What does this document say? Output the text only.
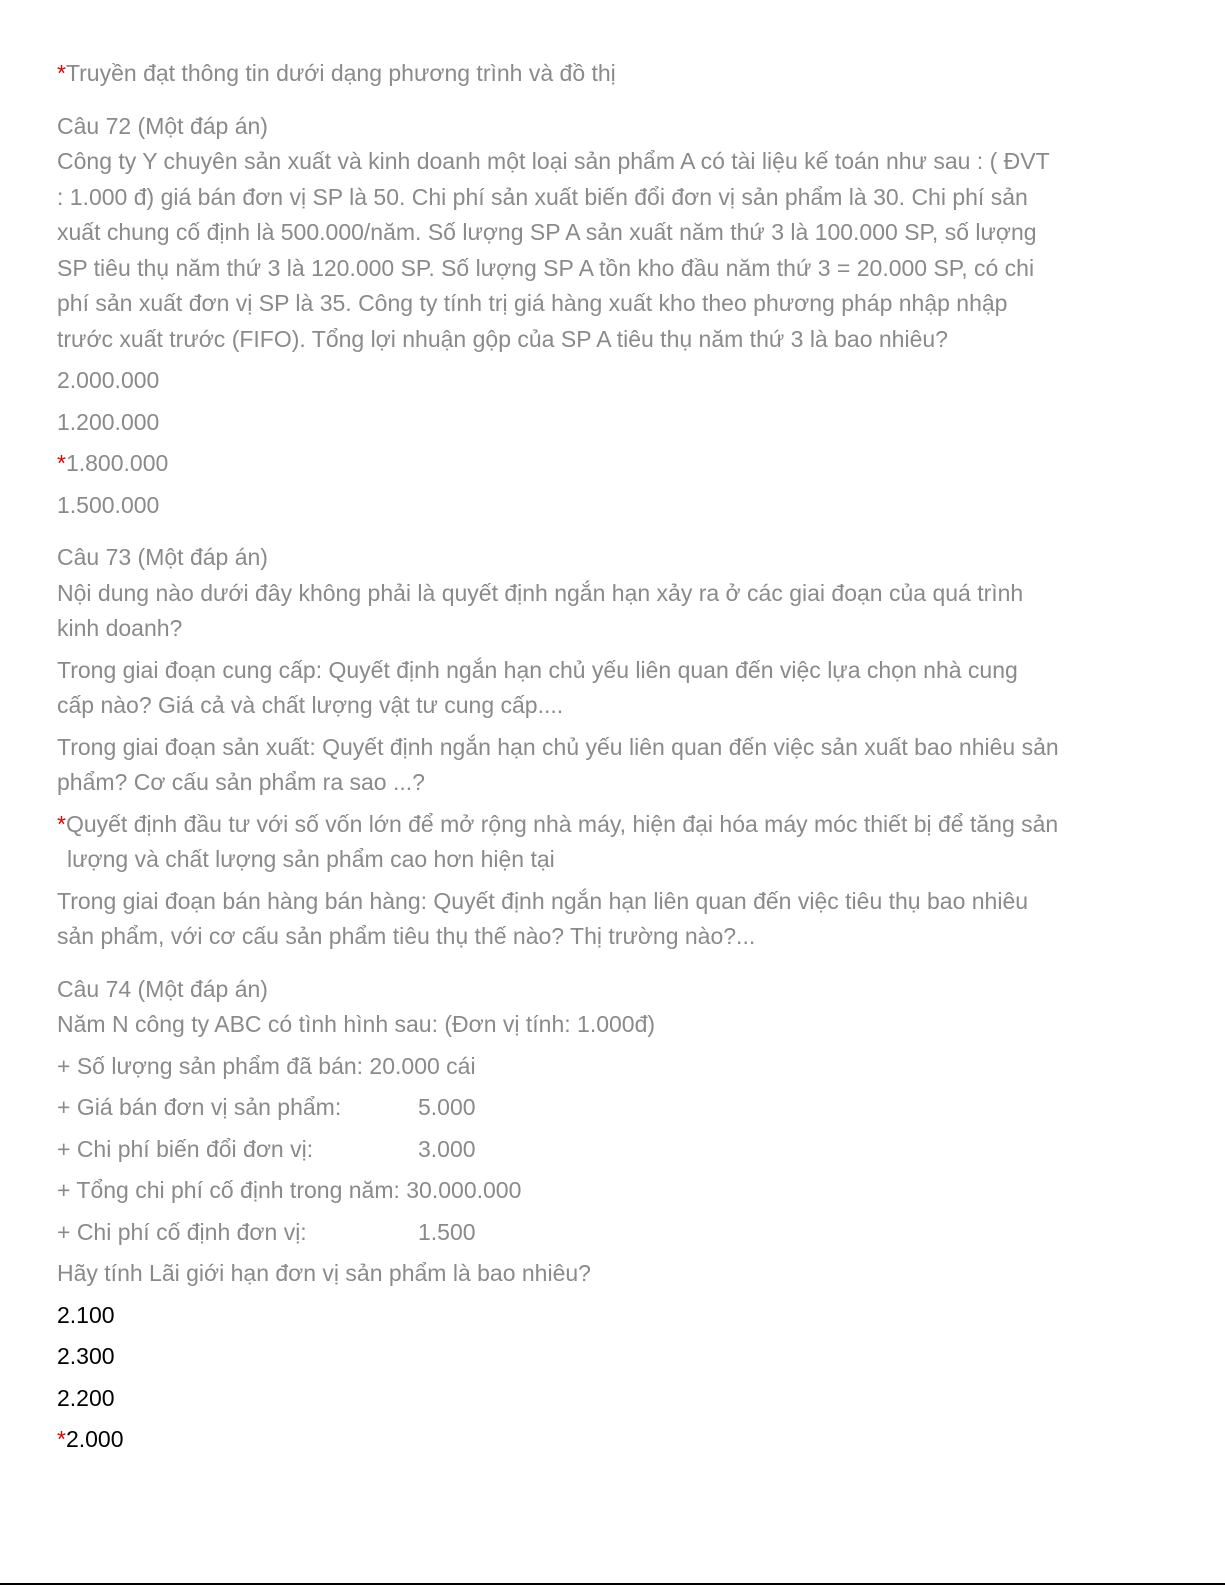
*Truyền đạt thông tin dưới dạng phương trình và đồ thị
Câu 72 (Một đáp án)
Công ty Y chuyên sản xuất và kinh doanh một loại sản phẩm A có tài liệu kế toán như sau : ( ĐVT
: 1.000 đ) giá bán đơn vị SP là 50. Chi phí sản xuất biến đổi đơn vị sản phẩm là 30. Chi phí sản
xuất chung cố định là 500.000/năm. Số lượng SP A sản xuất năm thứ 3 là 100.000 SP, số lượng
SP tiêu thụ năm thứ 3 là 120.000 SP. Số lượng SP A tồn kho đầu năm thứ 3 = 20.000 SP, có chi
phí sản xuất đơn vị SP là 35. Công ty tính trị giá hàng xuất kho theo phương pháp nhập nhập
trước xuất trước (FIFO). Tổng lợi nhuận gộp của SP A tiêu thụ năm thứ 3 là bao nhiêu?
2.000.000
1.200.000
*1.800.000
1.500.000
Câu 73 (Một đáp án)
Nội dung nào dưới đây không phải là quyết định ngắn hạn xảy ra ở các giai đoạn của quá trình
kinh doanh?
Trong giai đoạn cung cấp: Quyết định ngắn hạn chủ yếu liên quan đến việc lựa chọn nhà cung
cấp nào? Giá cả và chất lượng vật tư cung cấp....
Trong giai đoạn sản xuất: Quyết định ngắn hạn chủ yếu liên quan đến việc sản xuất bao nhiêu sản
phẩm? Cơ cấu sản phẩm ra sao ...?
*Quyết định đầu tư với số vốn lớn để mở rộng nhà máy, hiện đại hóa máy móc thiết bị để tăng sản
lượng và chất lượng sản phẩm cao hơn hiện tại
Trong giai đoạn bán hàng bán hàng: Quyết định ngắn hạn liên quan đến việc tiêu thụ bao nhiêu
sản phẩm, với cơ cấu sản phẩm tiêu thụ thế nào? Thị trường nào?...
Câu 74 (Một đáp án)
Năm N công ty ABC có tình hình sau: (Đơn vị tính: 1.000đ)
+ Số lượng sản phẩm đã bán: 20.000 cái
+ Giá bán đơn vị sản phẩm:	5.000
+ Chi phí biến đổi đơn vị:	3.000
+ Tổng chi phí cố định trong năm: 30.000.000
+ Chi phí cố định đơn vị:	1.500
Hãy tính Lãi giới hạn đơn vị sản phẩm là bao nhiêu?
2.100
2.300
2.200
*2.000
